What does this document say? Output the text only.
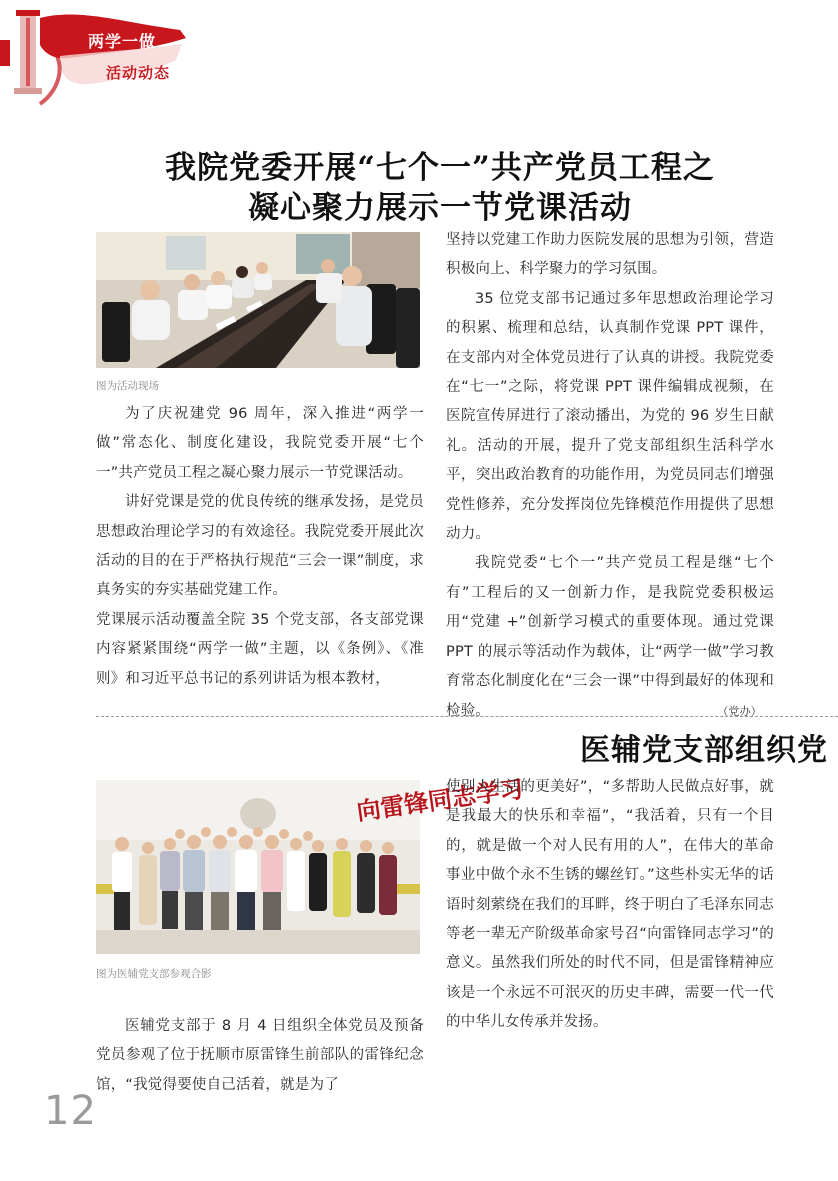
两学一做
活动动态
我院党委开展“七个一”共产党员工程之
凝心聚力展示一节党课活动
图为活动现场

为了庆祝建党 96 周年，深入推进“两学一做”常态化、制度化建设，我院党委开展“七个一”共产党员工程之凝心聚力展示一节党课活动。

讲好党课是党的优良传统的继承发扬，是党员思想政治理论学习的有效途径。我院党委开展此次活动的目的在于严格执行规范“三会一课”制度，求真务实的夯实基础党建工作。

党课展示活动覆盖全院 35 个党支部，各支部党课内容紧紧围绕“两学一做”主题，以《条例》、《准则》和习近平总书记的系列讲话为根本教材，

坚持以党建工作助力医院发展的思想为引领，营造积极向上、科学聚力的学习氛围。

35 位党支部书记通过多年思想政治理论学习的积累、梳理和总结，认真制作党课 PPT 课件，在支部内对全体党员进行了认真的讲授。我院党委在“七一”之际，将党课 PPT 课件编辑成视频，在医院宣传屏进行了滚动播出，为党的 96 岁生日献礼。活动的开展，提升了党支部组织生活科学水平，突出政治教育的功能作用，为党员同志们增强党性修养，充分发挥岗位先锋模范作用提供了思想动力。

我院党委“七个一”共产党员工程是继“七个有”工程后的又一创新力作，是我院党委积极运用“党建 +”创新学习模式的重要体现。通过党课 PPT 的展示等活动作为载体，让“两学一做”学习教育常态化制度化在“三会一课”中得到最好的体现和检验。	（党办）

医辅党支部组织党
向雷锋同志学习
图为医辅党支部参观合影

医辅党支部于 8 月 4 日组织全体党员及预备党员参观了位于抚顺市原雷锋生前部队的雷锋纪念馆，“我觉得要使自己活着，就是为了

使别人生活的更美好”，“多帮助人民做点好事，就是我最大的快乐和幸福”，“我活着，只有一个目的，就是做一个对人民有用的人”，在伟大的革命事业中做个永不生锈的螺丝钉。”这些朴实无华的话语时刻萦绕在我们的耳畔，终于明白了毛泽东同志等老一辈无产阶级革命家号召“向雷锋同志学习”的意义。虽然我们所处的时代不同，但是雷锋精神应该是一个永远不可泯灭的历史丰碑，需要一代一代的中华儿女传承并发扬。

12
